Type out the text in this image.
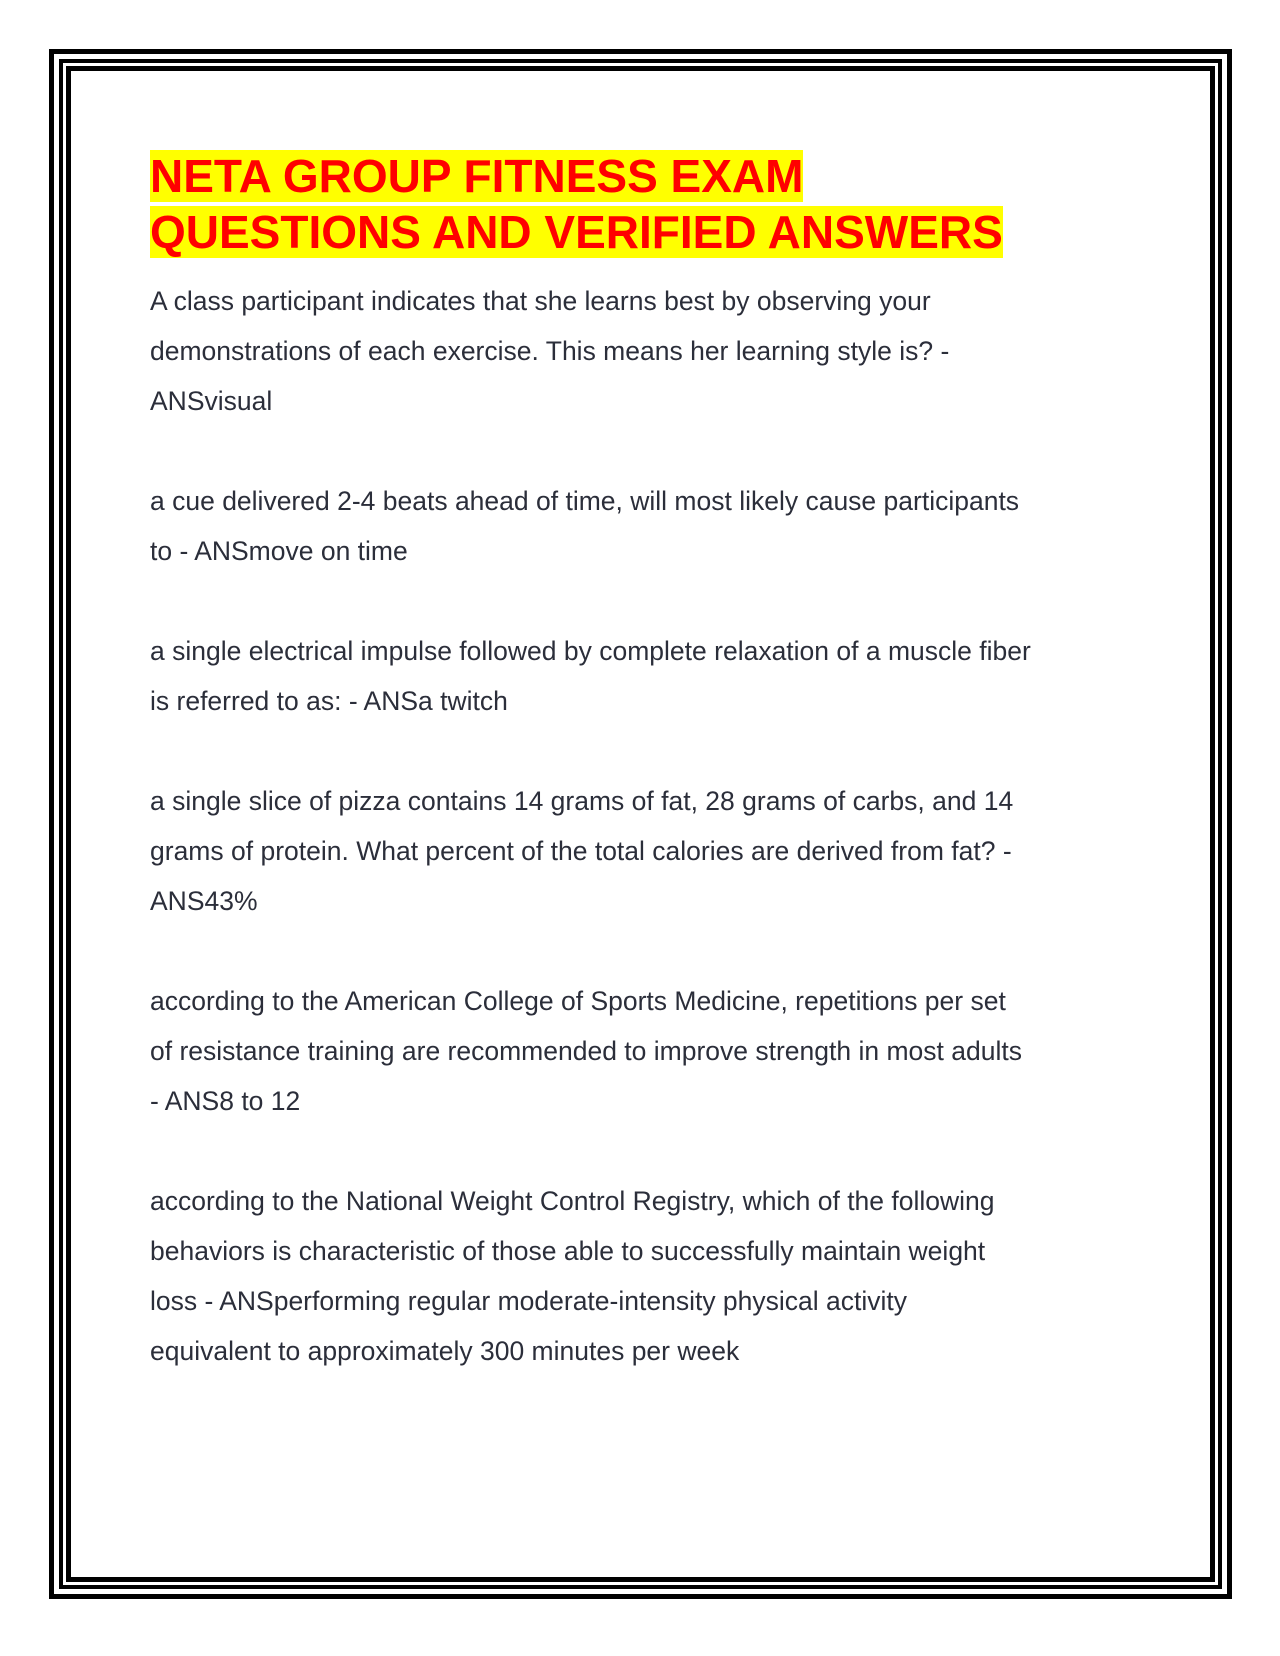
NETA GROUP FITNESS EXAM
QUESTIONS AND VERIFIED ANSWERS

A class participant indicates that she learns best by observing your
demonstrations of each exercise. This means her learning style is? -
ANSvisual

a cue delivered 2-4 beats ahead of time, will most likely cause participants
to - ANSmove on time

a single electrical impulse followed by complete relaxation of a muscle fiber
is referred to as: - ANSa twitch

a single slice of pizza contains 14 grams of fat, 28 grams of carbs, and 14
grams of protein. What percent of the total calories are derived from fat? -
ANS43%

according to the American College of Sports Medicine, repetitions per set
of resistance training are recommended to improve strength in most adults
- ANS8 to 12

according to the National Weight Control Registry, which of the following
behaviors is characteristic of those able to successfully maintain weight
loss - ANSperforming regular moderate-intensity physical activity
equivalent to approximately 300 minutes per week
